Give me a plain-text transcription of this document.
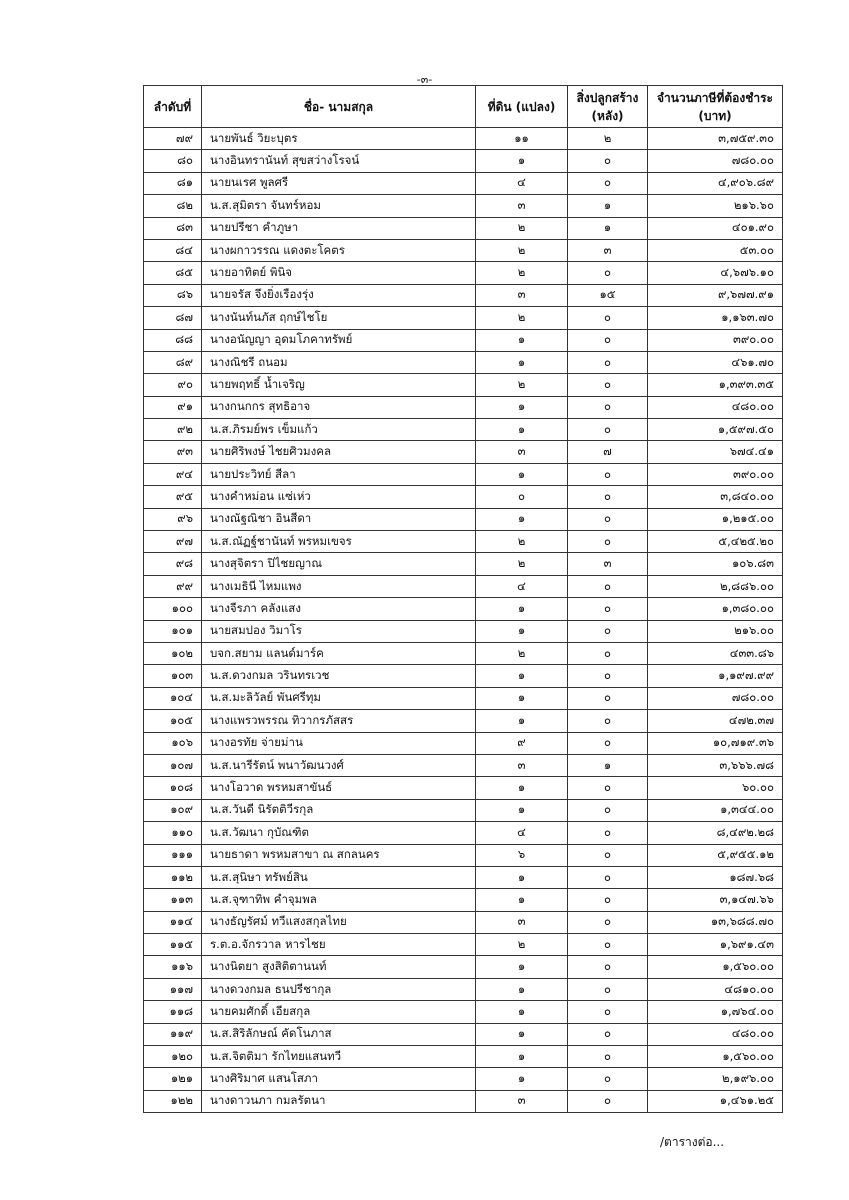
-๓-
ลำดับที่	ชื่อ- นามสกุล	ที่ดิน (แปลง)	สิ่งปลูกสร้าง
(หลัง)	จำนวนภาษีที่ต้องชำระ
(บาท)
๗๙	นายพันธ์ วิยะบุตร	๑๑	๒	๓,๗๕๙.๓๐
๘๐	นางอินทรานันท์ สุขสว่างโรจน์	๑	๐	๗๘๐.๐๐
๘๑	นายนเรศ พูลศรี	๔	๐	๔,๙๐๖.๘๙
๘๒	น.ส.สุมิตรา จันทร์หอม	๓	๑	๒๑๖.๖๐
๘๓	นายปรีชา คำภูษา	๒	๑	๔๐๑.๙๐
๘๔	นางผกาวรรณ แดงตะโคตร	๒	๓	๕๓.๐๐
๘๕	นายอาทิตย์ พินิจ	๒	๐	๔,๖๗๖.๑๐
๘๖	นายจรัส จึงยิ่งเรืองรุ่ง	๓	๑๕	๙,๖๗๗.๙๑
๘๗	นางนันท์นภัส ฤกษ์ไชโย	๒	๐	๑,๑๖๓.๗๐
๘๘	นางอนัญญา อุดมโภคาทรัพย์	๑	๐	๓๙๐.๐๐
๘๙	นางณิชรี ถนอม	๑	๐	๔๖๑.๗๐
๙๐	นายพฤทธิ์ น้ำเจริญ	๒	๐	๑,๓๙๓.๓๕
๙๑	นางกนกกร สุทธิอาจ	๑	๐	๔๘๐.๐๐
๙๒	น.ส.ภิรมย์พร เข็มแก้ว	๑	๐	๑,๕๙๗.๕๐
๙๓	นายศิริพงษ์ ไชยศิวมงคล	๓	๗	๖๗๔.๔๑
๙๔	นายประวิทย์ สีลา	๑	๐	๓๙๐.๐๐
๙๕	นางคำหม่อน แซ่เห่ว	๐	๐	๓,๘๔๐.๐๐
๙๖	นางณัฐณิชา อินสีดา	๑	๐	๑,๒๑๕.๐๐
๙๗	น.ส.ณัฏฐ์ชานันท์ พรหมเขจร	๒	๐	๕,๔๒๕.๒๐
๙๘	นางสุจิตรา ปิไชยญาณ	๒	๓	๑๐๖.๘๓
๙๙	นางเมธินี ไหมแพง	๔	๐	๒,๘๘๖.๐๐
๑๐๐	นางจีรภา คลังแสง	๑	๐	๑,๓๘๐.๐๐
๑๐๑	นายสมปอง วิมาโร	๑	๐	๒๑๖.๐๐
๑๐๒	บจก.สยาม แลนด์มาร์ค	๒	๐	๔๓๓.๘๖
๑๐๓	น.ส.ดวงกมล วรินทรเวช	๑	๐	๑,๑๙๗.๙๙
๑๐๔	น.ส.มะลิวัลย์ พันศรีทุม	๑	๐	๗๘๐.๐๐
๑๐๕	นางแพรวพรรณ ทิวากรภัสสร	๑	๐	๔๗๒.๓๗
๑๐๖	นางอรทัย จ่ายม่าน	๙	๐	๑๐,๗๑๙.๓๖
๑๐๗	น.ส.นารีรัตน์ พนาวัฒนวงศ์	๓	๑	๓,๖๖๖.๗๘
๑๐๘	นางโอวาด พรหมสาขันธ์	๑	๐	๖๐.๐๐
๑๐๙	น.ส.วันดี นิรัตติวีรกุล	๑	๐	๑,๓๔๔.๐๐
๑๑๐	น.ส.วัฒนา กุบัณฑิต	๔	๐	๘,๔๙๒.๒๘
๑๑๑	นายธาดา พรหมสาขา ณ สกลนคร	๖	๐	๕,๙๕๕.๑๒
๑๑๒	น.ส.สุนิษา ทรัพย์สิน	๑	๐	๑๘๗.๖๘
๑๑๓	น.ส.จุฑาทิพ คำจุมพล	๑	๐	๓,๑๔๗.๖๖
๑๑๔	นางธัญรัศม์ ทวีแสงสกุลไทย	๓	๐	๑๓,๖๘๘.๗๐
๑๑๕	ร.ต.อ.จักรวาล หารไชย	๒	๐	๑,๖๙๑.๔๓
๑๑๖	นางนิตยา สูงสิติตานนท์	๑	๐	๑,๕๖๐.๐๐
๑๑๗	นางดวงกมล ธนปรีชากุล	๑	๐	๔๘๑๐.๐๐
๑๑๘	นายคมศักดิ์ เอียสกุล	๑	๐	๑,๗๖๔.๐๐
๑๑๙	น.ส.สิริลักษณ์ คัดโนภาส	๑	๐	๔๘๐.๐๐
๑๒๐	น.ส.จิตติมา รักไทยแสนทวี	๑	๐	๑,๕๖๐.๐๐
๑๒๑	นางศิริมาศ แสนโสภา	๑	๐	๒,๑๙๖.๐๐
๑๒๒	นางดาวนภา กมลรัตนา	๓	๐	๑,๔๖๑.๒๕
/ตารางต่อ...
